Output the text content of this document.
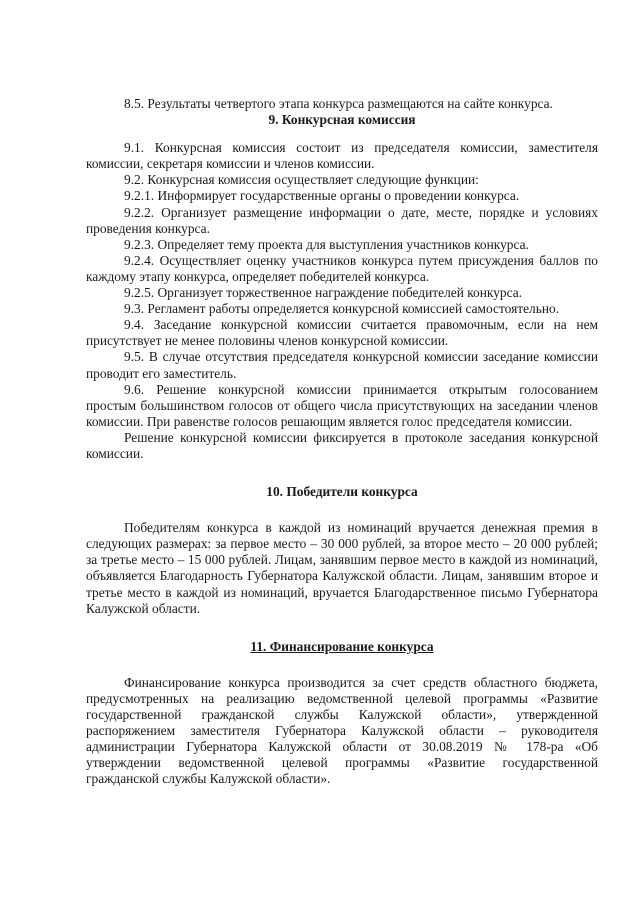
8.5. Результаты четвертого этапа конкурса размещаются на сайте конкурса.

9. Конкурсная комиссия

9.1. Конкурсная комиссия состоит из председателя комиссии, заместителя комиссии, секретаря комиссии и членов комиссии.

9.2. Конкурсная комиссия осуществляет следующие функции:

9.2.1. Информирует государственные органы о проведении конкурса.

9.2.2. Организует размещение информации о дате, месте, порядке и условиях проведения конкурса.

9.2.3. Определяет тему проекта для выступления участников конкурса.

9.2.4. Осуществляет оценку участников конкурса путем присуждения баллов по каждому этапу конкурса, определяет победителей конкурса.

9.2.5. Организует торжественное награждение победителей конкурса.

9.3. Регламент работы определяется конкурсной комиссией самостоятельно.

9.4. Заседание конкурсной комиссии считается правомочным, если на нем присутствует не менее половины членов конкурсной комиссии.

9.5. В случае отсутствия председателя конкурсной комиссии заседание комиссии проводит его заместитель.

9.6. Решение конкурсной комиссии принимается открытым голосованием простым большинством голосов от общего числа присутствующих на заседании членов комиссии. При равенстве голосов решающим является голос председателя комиссии.

Решение конкурсной комиссии фиксируется в протоколе заседания конкурсной комиссии.

10. Победители конкурса

Победителям конкурса в каждой из номинаций вручается денежная премия в следующих размерах: за первое место – 30 000 рублей, за второе место – 20 000 рублей; за третье место – 15 000 рублей. Лицам, занявшим первое место в каждой из номинаций, объявляется Благодарность Губернатора Калужской области. Лицам, занявшим второе и третье место в каждой из номинаций, вручается Благодарственное письмо Губернатора Калужской области.

11. Финансирование конкурса

Финансирование конкурса производится за счет средств областного бюджета, предусмотренных на реализацию ведомственной целевой программы «Развитие государственной гражданской службы Калужской области», утвержденной распоряжением заместителя Губернатора Калужской области – руководителя администрации Губернатора Калужской области от 30.08.2019 № 178-ра «Об утверждении ведомственной целевой программы «Развитие государственной гражданской службы Калужской области».
